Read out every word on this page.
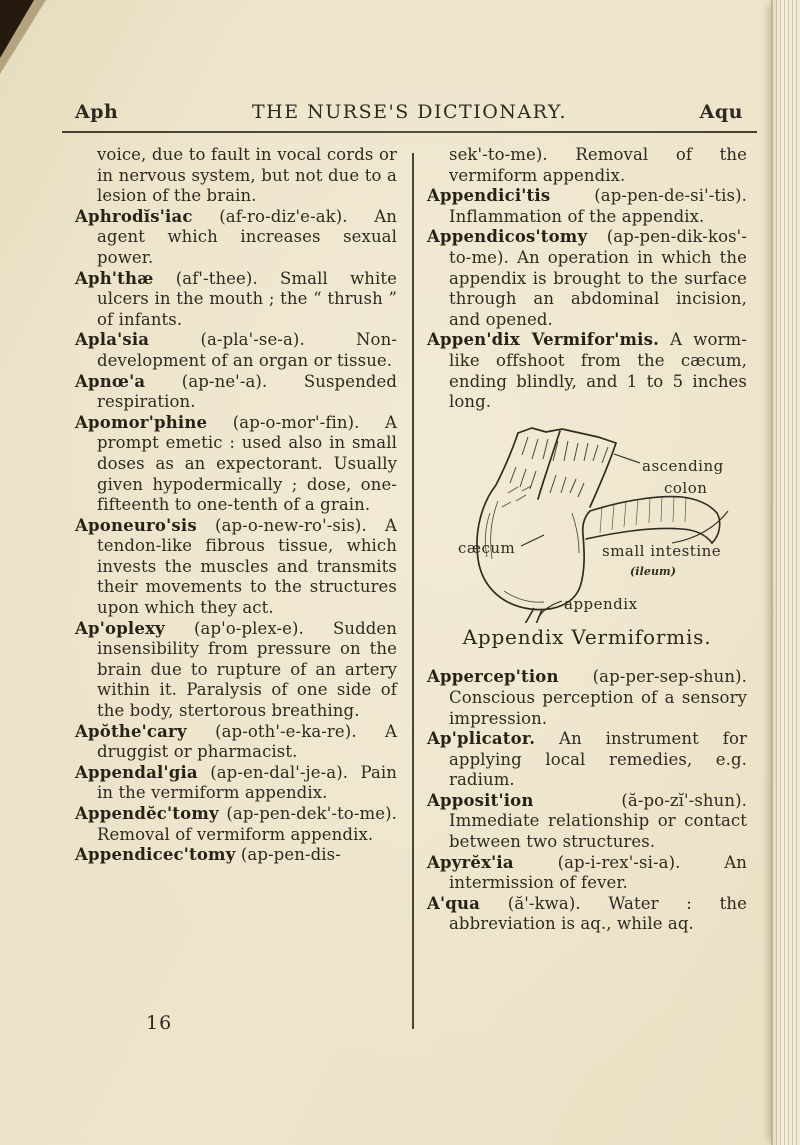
Aph	THE NURSE'S DICTIONARY.	Aqu

voice, due to fault in vocal cords or in nervous system, but not due to a lesion of the brain.

Aphrodĭs'iac (af-ro-diz'e-ak). An agent which increases sexual power.

Aph'thæ (af'-thee). Small white ulcers in the mouth ; the “ thrush ” of infants.

Apla'sia	(a-pla'-se-a). Non-development of an organ or tissue.

Apnœ'a (ap-ne'-a). Suspended respiration.

Apomor'phine (ap-o-mor'-fin). A prompt emetic : used also in small doses as an expectorant. Usually given hypodermically ; dose, one-fifteenth to one-tenth of a grain.

Aponeuro'sis (ap-o-new-ro'-sis). A tendon-like fibrous tissue, which invests the muscles and transmits their movements to the structures upon which they act.

Ap'oplexy (ap'o-plex-e). Sudden insensibility from pressure on the brain due to rupture of an artery within it. Paralysis of one side of the body, stertorous breathing.

Apŏthe'cary (ap-oth'-e-ka-re). A druggist or pharmacist.

Appendal'gia (ap-en-dal'-je-a). Pain in the vermiform appendix.

Appendĕc'tomy (ap-pen-dek'-to-me). Removal of vermiform appendix.

Appendicec'tomy (ap-pen-dis-

sek'-to-me). Removal of the vermiform appendix.

Appendici'tis	(ap-pen-de-si'-tis). Inflammation of the appendix.

Appendicos'tomy (ap-pen-dik-kos'-to-me). An operation in which the appendix is brought to the surface through an abdominal incision, and opened.

Appen'dix Vermifor'mis. A worm-like offshoot from the cæcum, ending blindly, and 1 to 5 inches long.

ascending
colon
cæcum	small intestine
(ileum)
appendix
Appendix Vermiformis.

Appercep'tion (ap-per-sep-shun). Conscious perception of a sensory impression.

Ap'plicator. An instrument for applying local remedies, e.g. radium.

Apposit'ion	(ă-po-zĭ'-shun). Immediate relationship or contact between two structures.

Apyrĕx'ia	(ap-i-rex'-si-a). An intermission of fever.

A'qua (ă'-kwa). Water : the abbreviation is aq., while aq.

16
